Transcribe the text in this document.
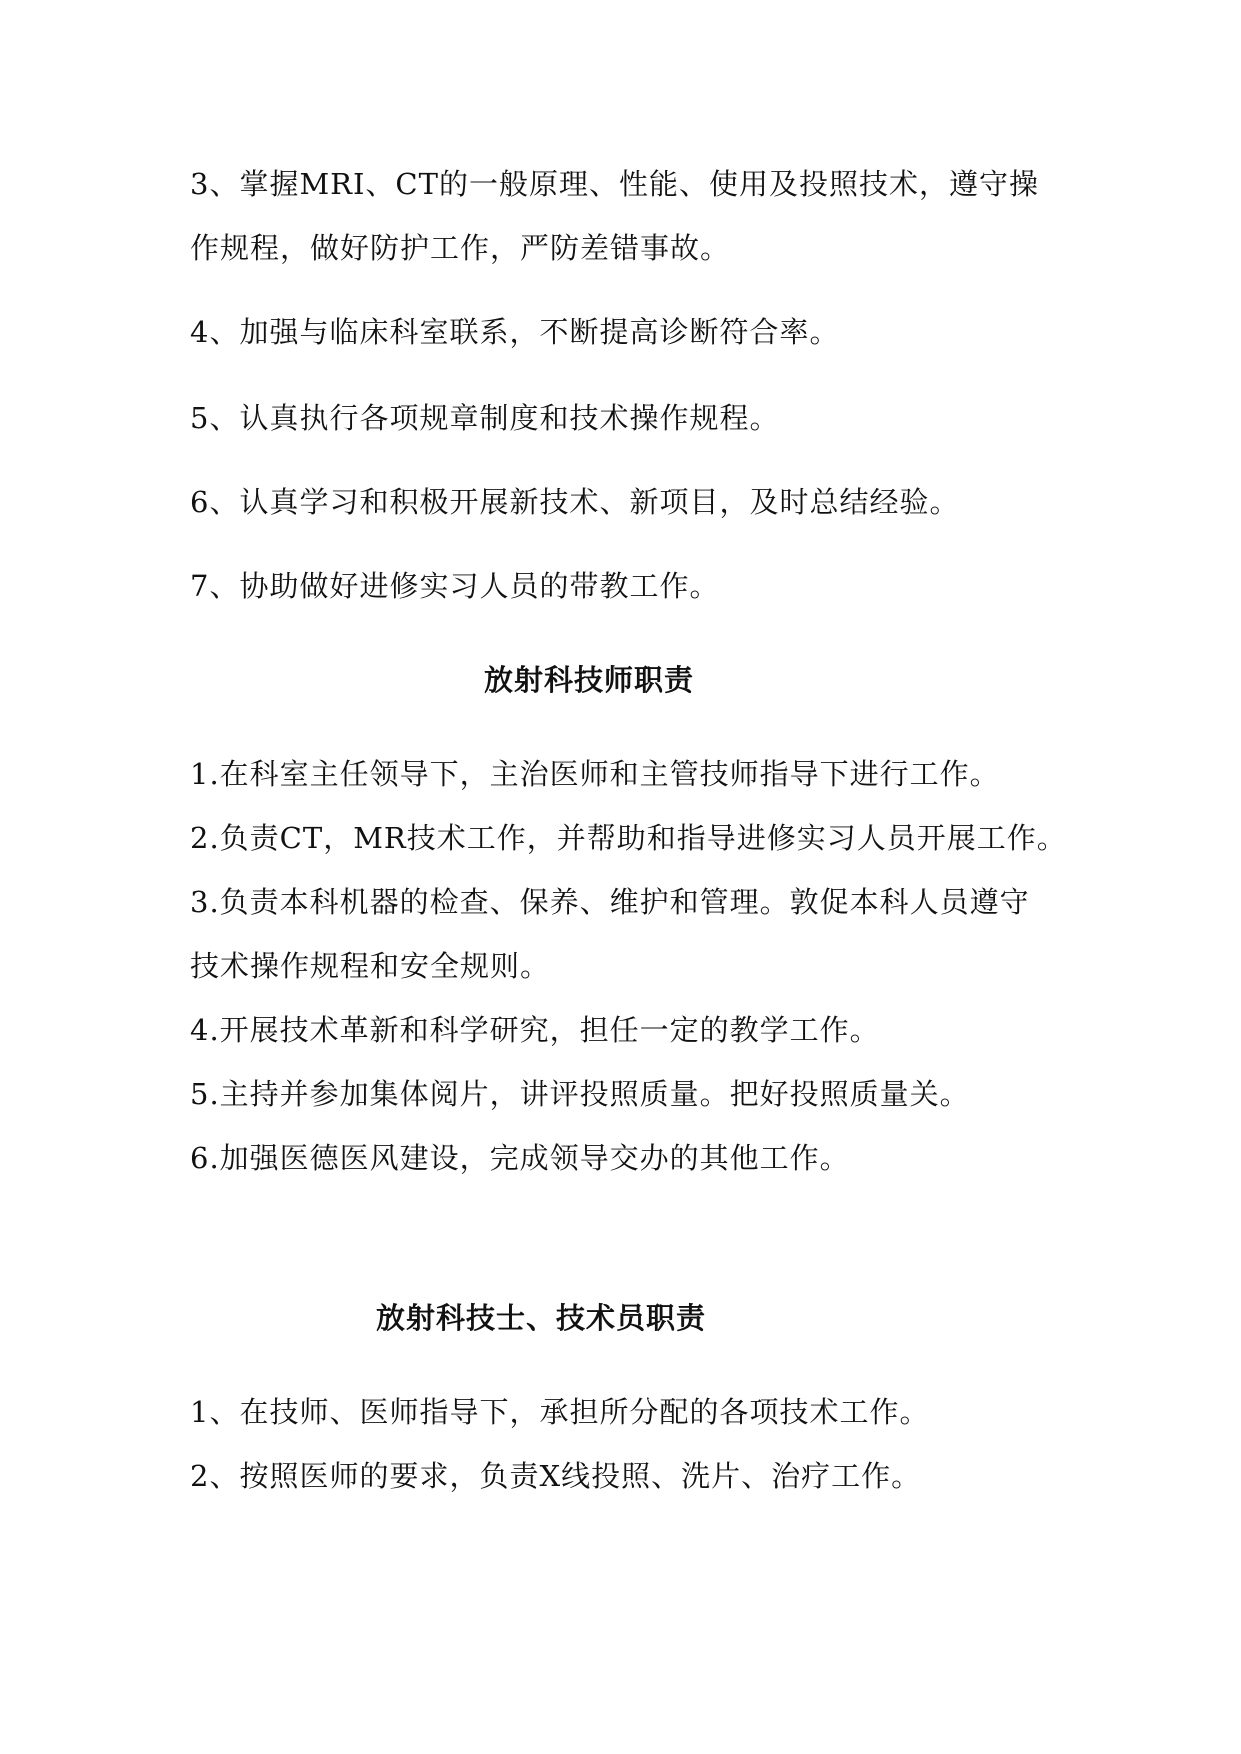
3、掌握MRI、CT的一般原理、性能、使用及投照技术，遵守操
作规程，做好防护工作，严防差错事故。
4、加强与临床科室联系，不断提高诊断符合率。
5、认真执行各项规章制度和技术操作规程。
6、认真学习和积极开展新技术、新项目，及时总结经验。
7、协助做好进修实习人员的带教工作。
放射科技师职责
1.在科室主任领导下，主治医师和主管技师指导下进行工作。
2.负责CT，MR技术工作，并帮助和指导进修实习人员开展工作。
3.负责本科机器的检查、保养、维护和管理。敦促本科人员遵守
技术操作规程和安全规则。
4.开展技术革新和科学研究，担任一定的教学工作。
5.主持并参加集体阅片，讲评投照质量。把好投照质量关。
6.加强医德医风建设，完成领导交办的其他工作。
放射科技士、技术员职责
1、在技师、医师指导下，承担所分配的各项技术工作。
2、按照医师的要求，负责X线投照、洗片、治疗工作。
